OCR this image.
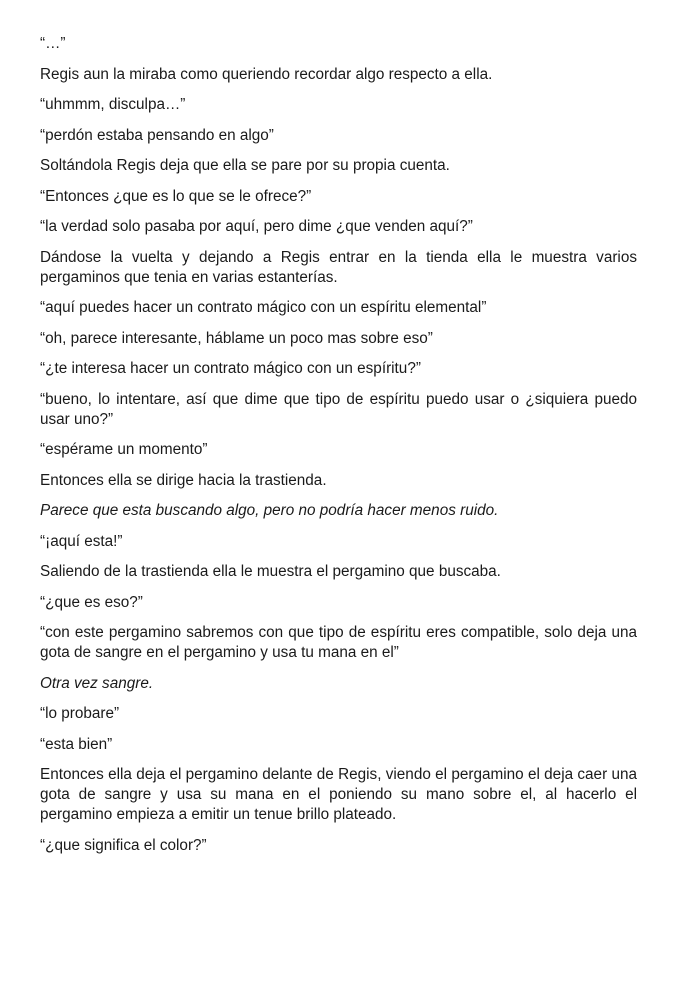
“…”

Regis aun la miraba como queriendo recordar algo respecto a ella.

“uhmmm, disculpa…”

“perdón estaba pensando en algo”

Soltándola Regis deja que ella se pare por su propia cuenta.

“Entonces ¿que es lo que se le ofrece?”

“la verdad solo pasaba por aquí, pero dime ¿que venden aquí?”

Dándose la vuelta y dejando a Regis entrar en la tienda ella le muestra varios pergaminos que tenia en varias estanterías.

“aquí puedes hacer un contrato mágico con un espíritu elemental”

“oh, parece interesante, háblame un poco mas sobre eso”

“¿te interesa hacer un contrato mágico con un espíritu?”

“bueno, lo intentare, así que dime que tipo de espíritu puedo usar o ¿siquiera puedo usar uno?”

“espérame un momento”

Entonces ella se dirige hacia la trastienda.

Parece que esta buscando algo, pero no podría hacer menos ruido.

“¡aquí esta!”

Saliendo de la trastienda ella le muestra el pergamino que buscaba.

“¿que es eso?”

“con este pergamino sabremos con que tipo de espíritu eres compatible, solo deja una gota de sangre en el pergamino y usa tu mana en el”

Otra vez sangre.

“lo probare”

“esta bien”

Entonces ella deja el pergamino delante de Regis, viendo el pergamino el deja caer una gota de sangre y usa su mana en el poniendo su mano sobre el, al hacerlo el pergamino empieza a emitir un tenue brillo plateado.

“¿que significa el color?”
